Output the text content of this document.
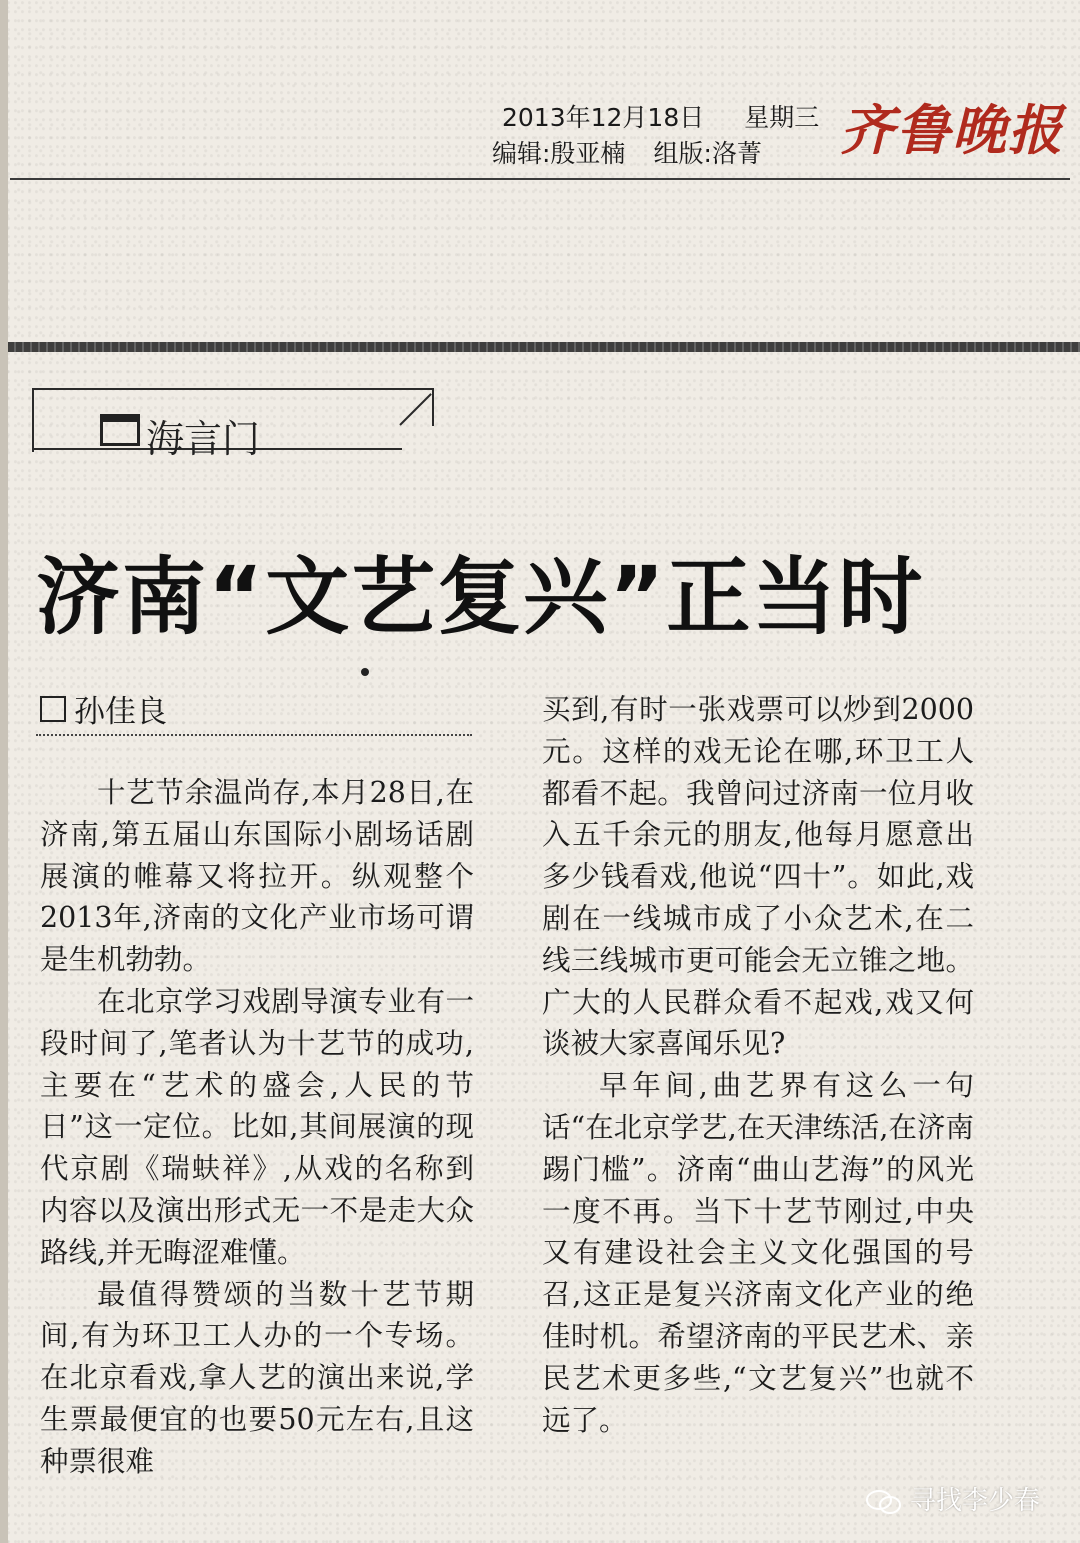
2013年12月18日 星期三
编辑:殷亚楠 组版:洛菁 齐鲁晚报
海言门
济南“文艺复兴”正当时
孙佳良

十艺节余温尚存,本月28日,在济南,第五届山东国际小剧场话剧展演的帷幕又将拉开。纵观整个2013年,济南的文化产业市场可谓是生机勃勃。

在北京学习戏剧导演专业有一段时间了,笔者认为十艺节的成功,主要在“艺术的盛会,人民的节日”这一定位。比如,其间展演的现代京剧《瑞蚨祥》,从戏的名称到内容以及演出形式无一不是走大众路线,并无晦涩难懂。

最值得赞颂的当数十艺节期间,有为环卫工人办的一个专场。在北京看戏,拿人艺的演出来说,学生票最便宜的也要50元左右,且这种票很难

买到,有时一张戏票可以炒到2000元。这样的戏无论在哪,环卫工人都看不起。我曾问过济南一位月收入五千余元的朋友,他每月愿意出多少钱看戏,他说“四十”。如此,戏剧在一线城市成了小众艺术,在二线三线城市更可能会无立锥之地。广大的人民群众看不起戏,戏又何谈被大家喜闻乐见?

早年间,曲艺界有这么一句话“在北京学艺,在天津练活,在济南踢门槛”。济南“曲山艺海”的风光一度不再。当下十艺节刚过,中央又有建设社会主义文化强国的号召,这正是复兴济南文化产业的绝佳时机。希望济南的平民艺术、亲民艺术更多些,“文艺复兴”也就不远了。

寻找李少春
